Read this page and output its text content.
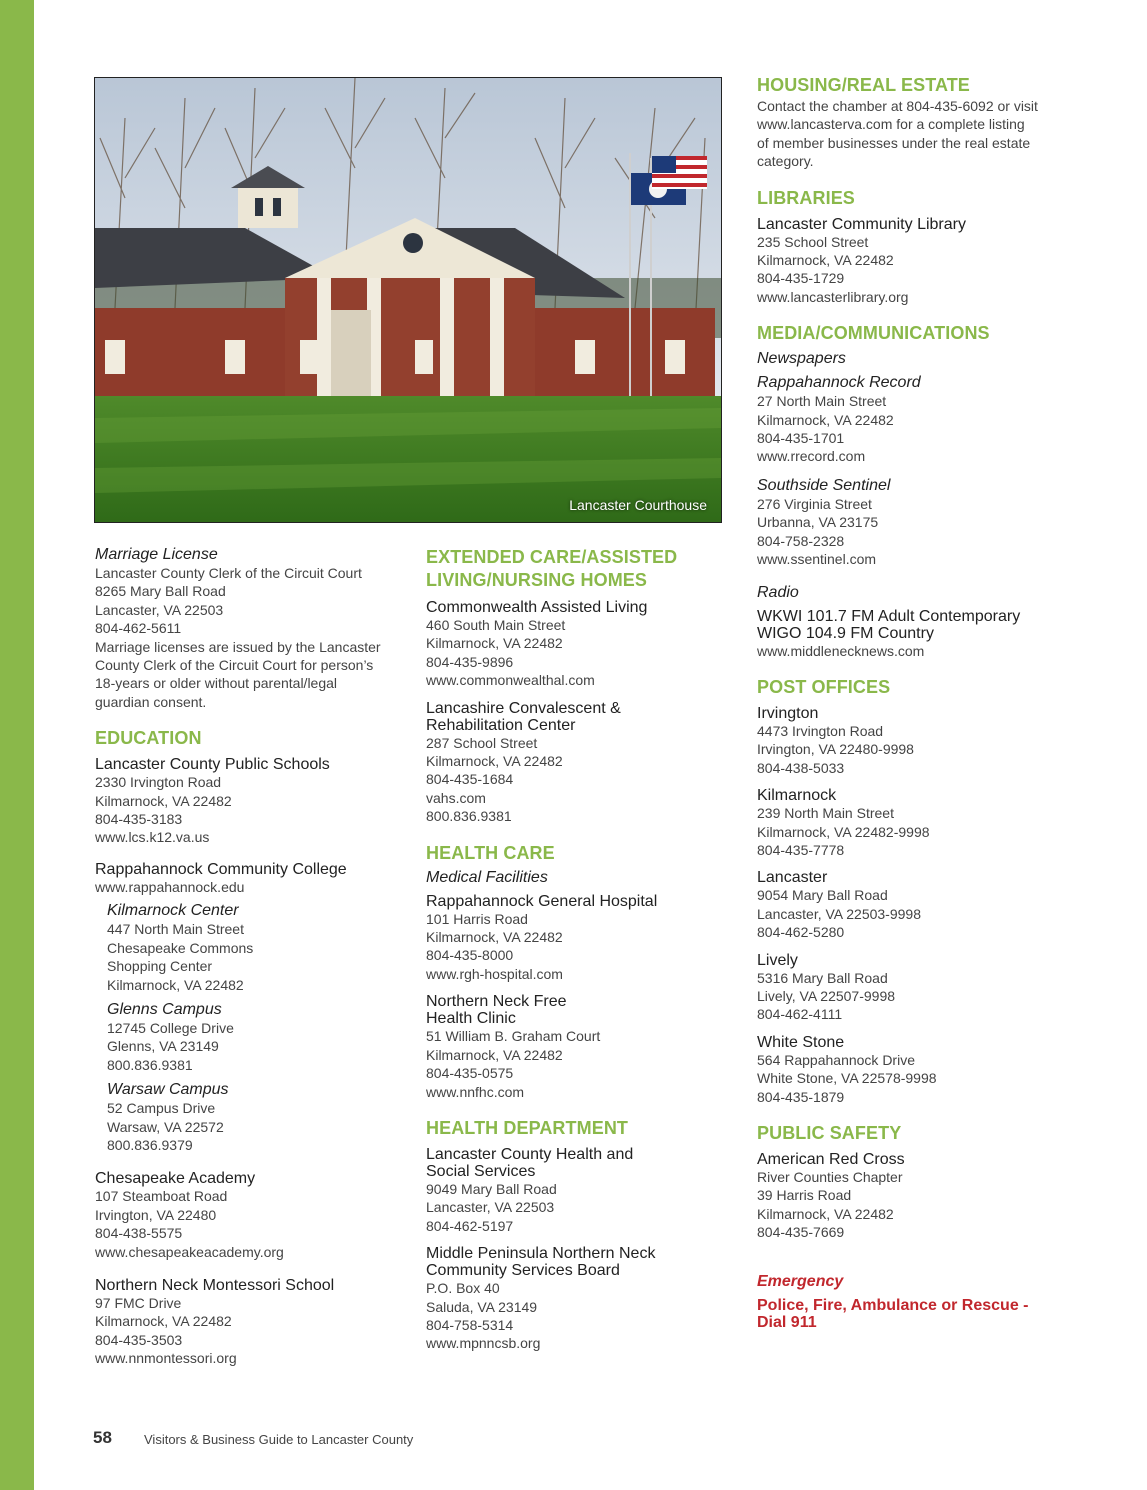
Lancaster Courthouse

Marriage License

Lancaster County Clerk of the Circuit Court

8265 Mary Ball Road

Lancaster, VA 22503

804-462-5611

Marriage licenses are issued by the Lancaster

County Clerk of the Circuit Court for person’s

18-years or older without parental/legal

guardian consent.

EDUCATION

Lancaster County Public Schools

2330 Irvington Road

Kilmarnock, VA 22482

804-435-3183

www.lcs.k12.va.us

Rappahannock Community College

www.rappahannock.edu

Kilmarnock Center

447 North Main Street

Chesapeake Commons

Shopping Center

Kilmarnock, VA 22482

Glenns Campus

12745 College Drive

Glenns, VA 23149

800.836.9381

Warsaw Campus

52 Campus Drive

Warsaw, VA 22572

800.836.9379

Chesapeake Academy

107 Steamboat Road

Irvington, VA 22480

804-438-5575

www.chesapeakeacademy.org

Northern Neck Montessori School

97 FMC Drive

Kilmarnock, VA 22482

804-435-3503

www.nnmontessori.org

EXTENDED CARE/ASSISTED

LIVING/NURSING HOMES

Commonwealth Assisted Living

460 South Main Street

Kilmarnock, VA 22482

804-435-9896

www.commonwealthal.com

Lancashire Convalescent &

Rehabilitation Center

287 School Street

Kilmarnock, VA 22482

804-435-1684

vahs.com

800.836.9381

HEALTH CARE

Medical Facilities

Rappahannock General Hospital

101 Harris Road

Kilmarnock, VA 22482

804-435-8000

www.rgh-hospital.com

Northern Neck Free

Health Clinic

51 William B. Graham Court

Kilmarnock, VA 22482

804-435-0575

www.nnfhc.com

HEALTH DEPARTMENT

Lancaster County Health and

Social Services

9049 Mary Ball Road

Lancaster, VA 22503

804-462-5197

Middle Peninsula Northern Neck

Community Services Board

P.O. Box 40

Saluda, VA 23149

804-758-5314

www.mpnncsb.org

HOUSING/REAL ESTATE

Contact the chamber at 804-435-6092 or visit

www.lancasterva.com for a complete listing

of member businesses under the real estate

category.

LIBRARIES

Lancaster Community Library

235 School Street

Kilmarnock, VA 22482

804-435-1729

www.lancasterlibrary.org

MEDIA/COMMUNICATIONS

Newspapers

Rappahannock Record

27 North Main Street

Kilmarnock, VA 22482

804-435-1701

www.rrecord.com

Southside Sentinel

276 Virginia Street

Urbanna, VA 23175

804-758-2328

www.ssentinel.com

Radio

WKWI 101.7 FM Adult Contemporary

WIGO 104.9 FM Country

www.middleneckn​ews.com

POST OFFICES

Irvington

4473 Irvington Road

Irvington, VA 22480-9998

804-438-5033

Kilmarnock

239 North Main Street

Kilmarnock, VA 22482-9998

804-435-7778

Lancaster

9054 Mary Ball Road

Lancaster, VA 22503-9998

804-462-5280

Lively

5316 Mary Ball Road

Lively, VA 22507-9998

804-462-4111

White Stone

564 Rappahannock Drive

White Stone, VA 22578-9998

804-435-1879

PUBLIC SAFETY

American Red Cross

River Counties Chapter

39 Harris Road

Kilmarnock, VA 22482

804-435-7669

Emergency

Police, Fire, Ambulance or Rescue -

Dial 911

58 Visitors & Business Guide to Lancaster County
